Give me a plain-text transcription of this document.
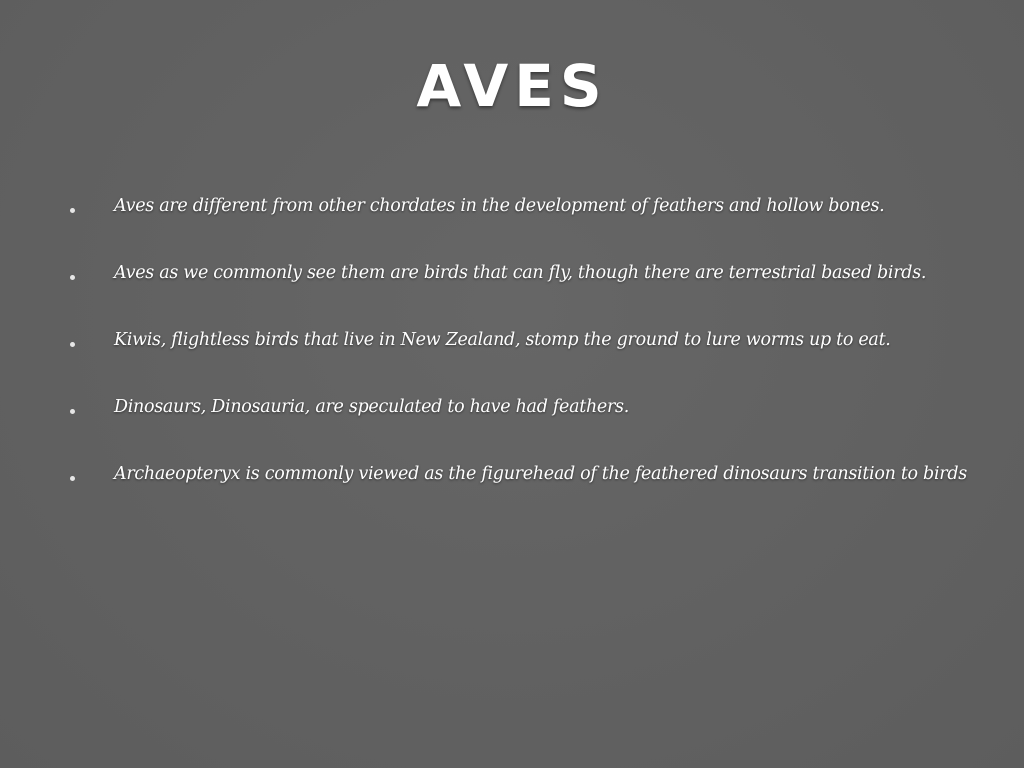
AVES
Aves are different from other chordates in the development of feathers and hollow bones.
Aves as we commonly see them are birds that can fly, though there are terrestrial based birds.
Kiwis, flightless birds that live in New Zealand, stomp the ground to lure worms up to eat.
Dinosaurs, Dinosauria, are speculated to have had feathers.
Archaeopteryx is commonly viewed as the figurehead of the feathered dinosaurs transition to birds
